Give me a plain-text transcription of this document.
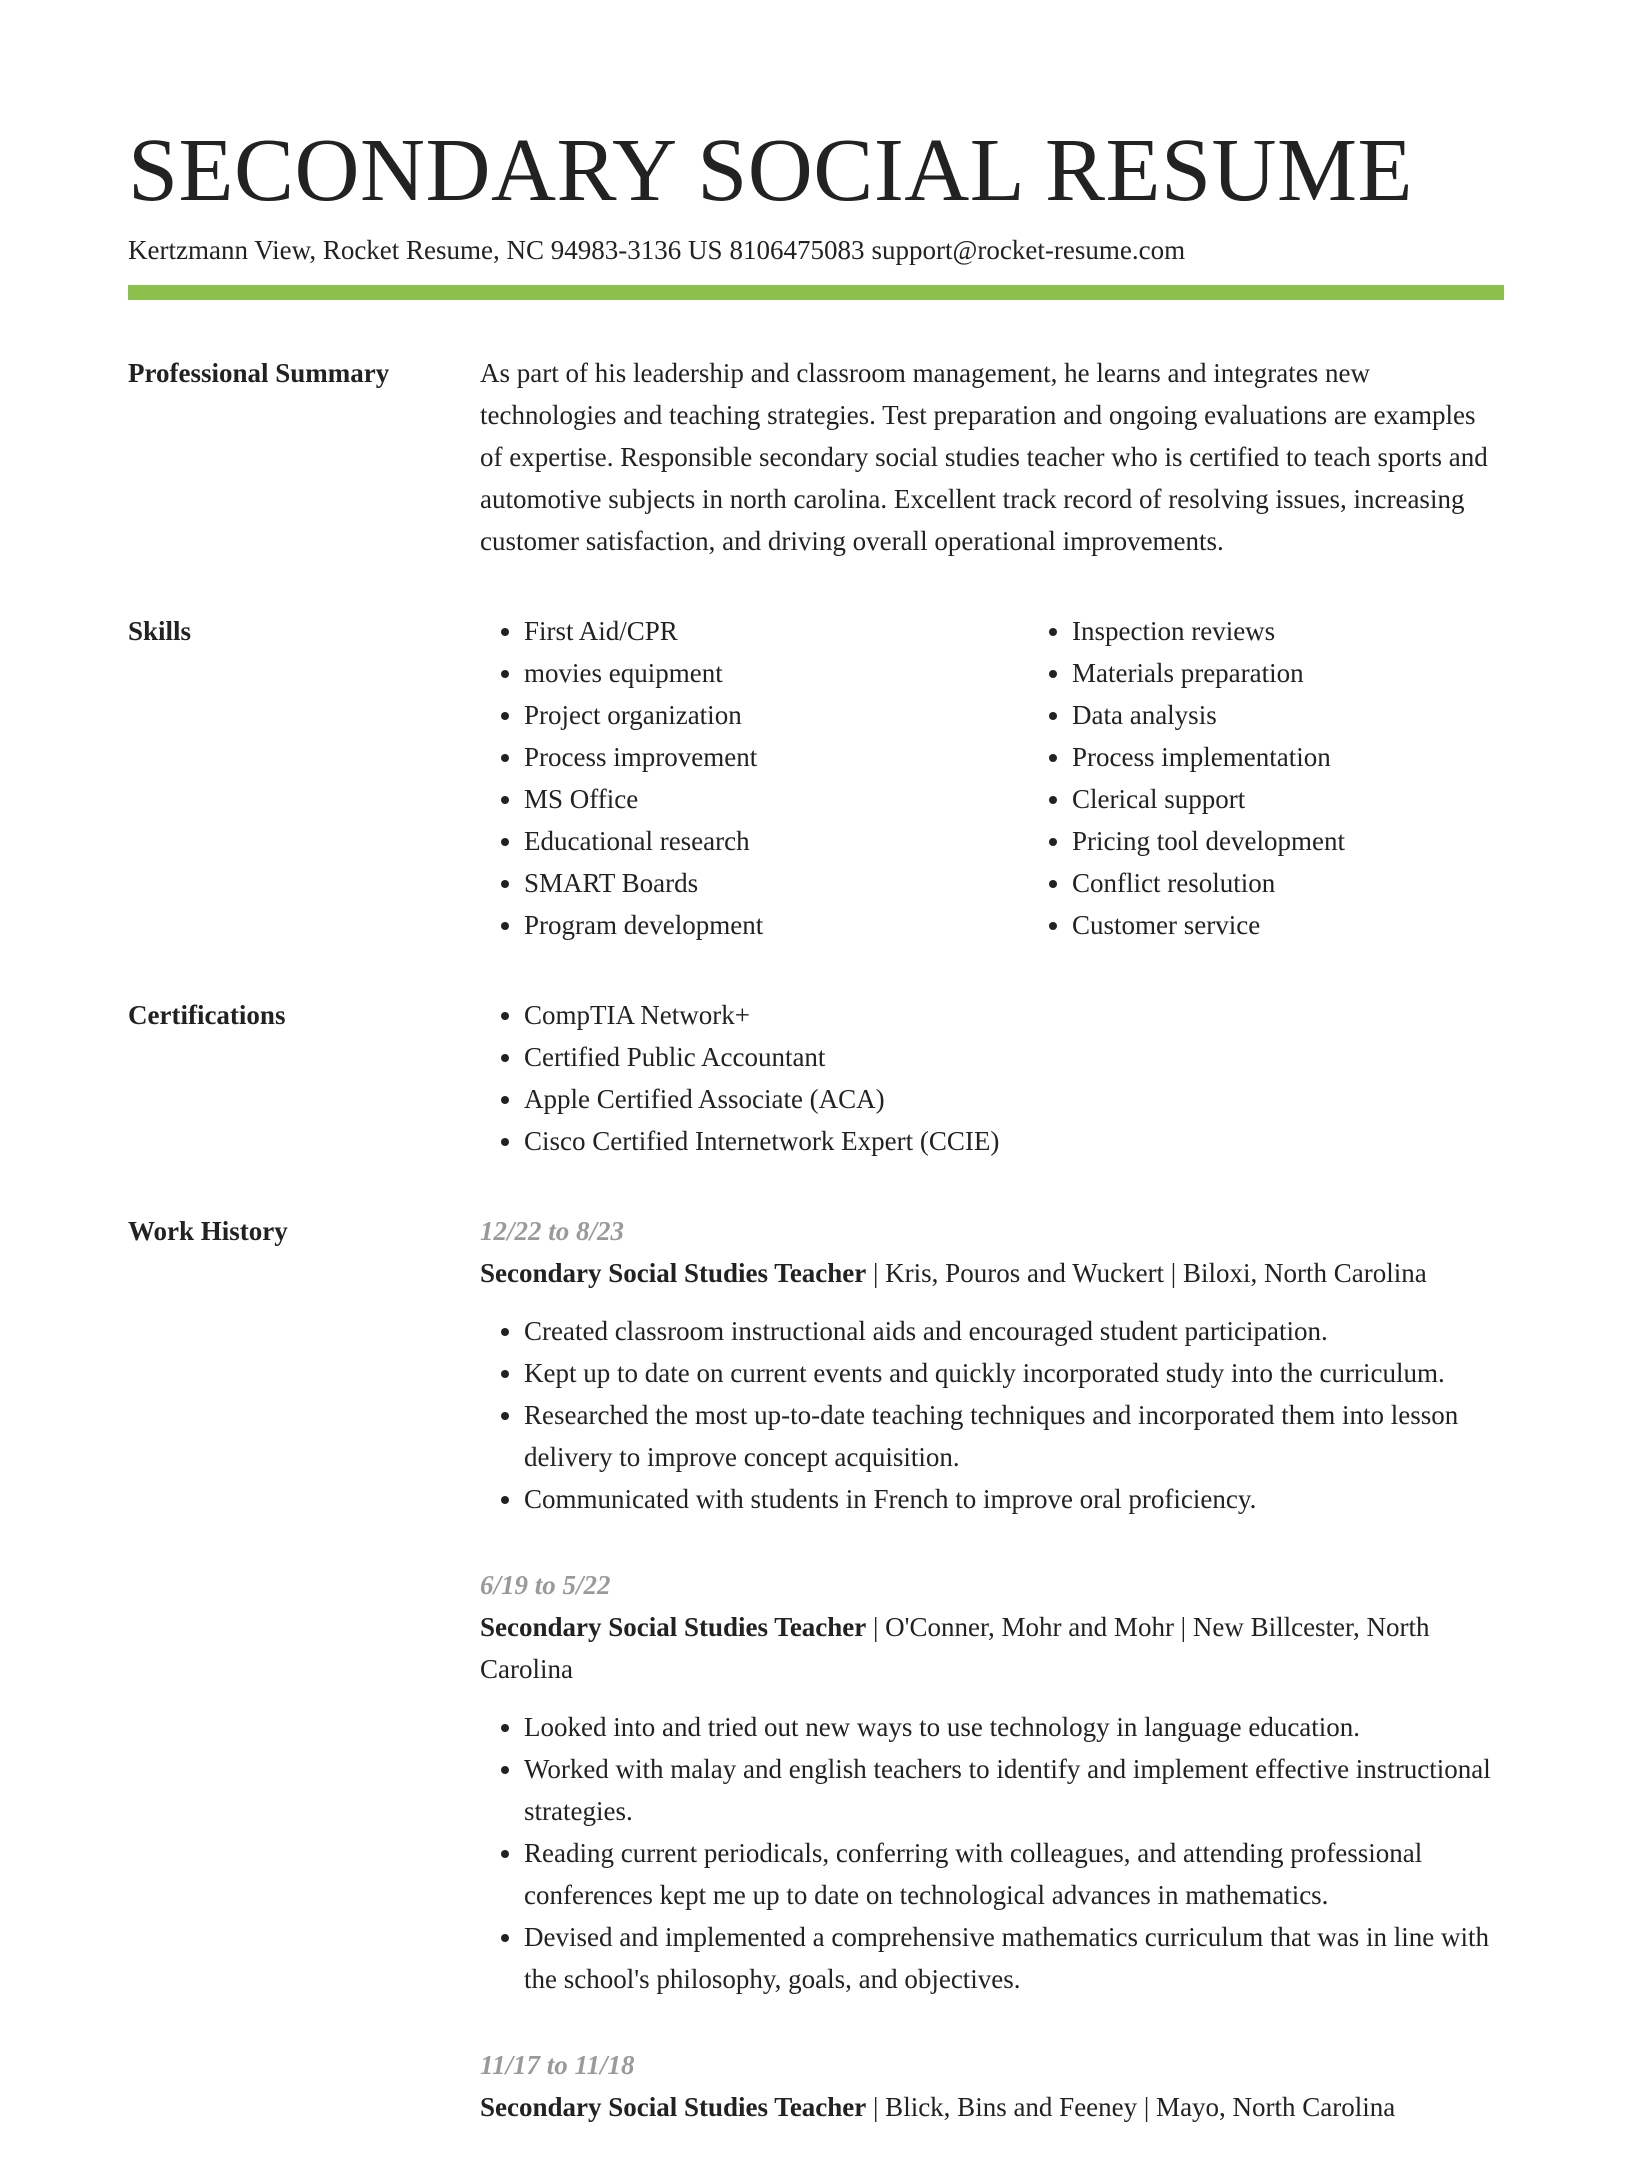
SECONDARY SOCIAL RESUME
Kertzmann View, Rocket Resume, NC 94983-3136 US 8106475083 support@rocket-resume.com
Professional Summary	As part of his leadership and classroom management, he learns and integrates new technologies and teaching strategies. Test preparation and ongoing evaluations are examples of expertise. Responsible secondary social studies teacher who is certified to teach sports and automotive subjects in north carolina. Excellent track record of resolving issues, increasing customer satisfaction, and driving overall operational improvements.

Skills	• First Aid/CPR
• movies equipment
• Project organization
• Process improvement
• MS Office
• Educational research
• SMART Boards
• Program development
• Inspection reviews
• Materials preparation
• Data analysis
• Process implementation
• Clerical support
• Pricing tool development
• Conflict resolution
• Customer service
Certifications	• CompTIA Network+
• Certified Public Accountant
• Apple Certified Associate (ACA)
• Cisco Certified Internetwork Expert (CCIE)
Work History	12/22 to 8/23
Secondary Social Studies Teacher | Kris, Pouros and Wuckert | Biloxi, North Carolina
• Created classroom instructional aids and encouraged student participation.
• Kept up to date on current events and quickly incorporated study into the curriculum.
• Researched the most up-to-date teaching techniques and incorporated them into lesson delivery to improve concept acquisition.
• Communicated with students in French to improve oral proficiency.
6/19 to 5/22
Secondary Social Studies Teacher | O'Conner, Mohr and Mohr | New Billcester, North Carolina
• Looked into and tried out new ways to use technology in language education.
• Worked with malay and english teachers to identify and implement effective instructional strategies.
• Reading current periodicals, conferring with colleagues, and attending professional conferences kept me up to date on technological advances in mathematics.
• Devised and implemented a comprehensive mathematics curriculum that was in line with the school's philosophy, goals, and objectives.
11/17 to 11/18
Secondary Social Studies Teacher | Blick, Bins and Feeney | Mayo, North Carolina
